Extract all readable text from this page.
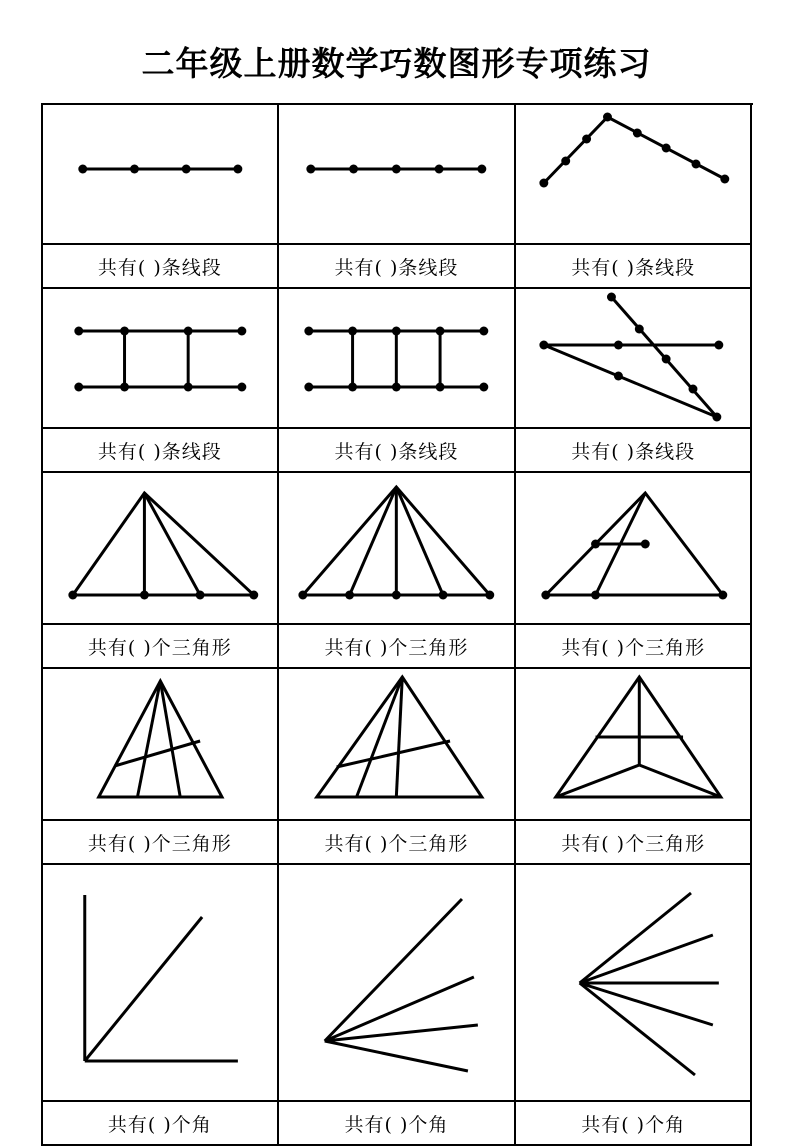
二年级上册数学巧数图形专项练习
共有( )条线段	共有( )条线段	共有( )条线段
共有( )条线段	共有( )条线段	共有( )条线段
共有( )个三角形	共有( )个三角形	共有( )个三角形
共有( )个三角形	共有( )个三角形	共有( )个三角形
共有( )个角	共有( )个角	共有( )个角
